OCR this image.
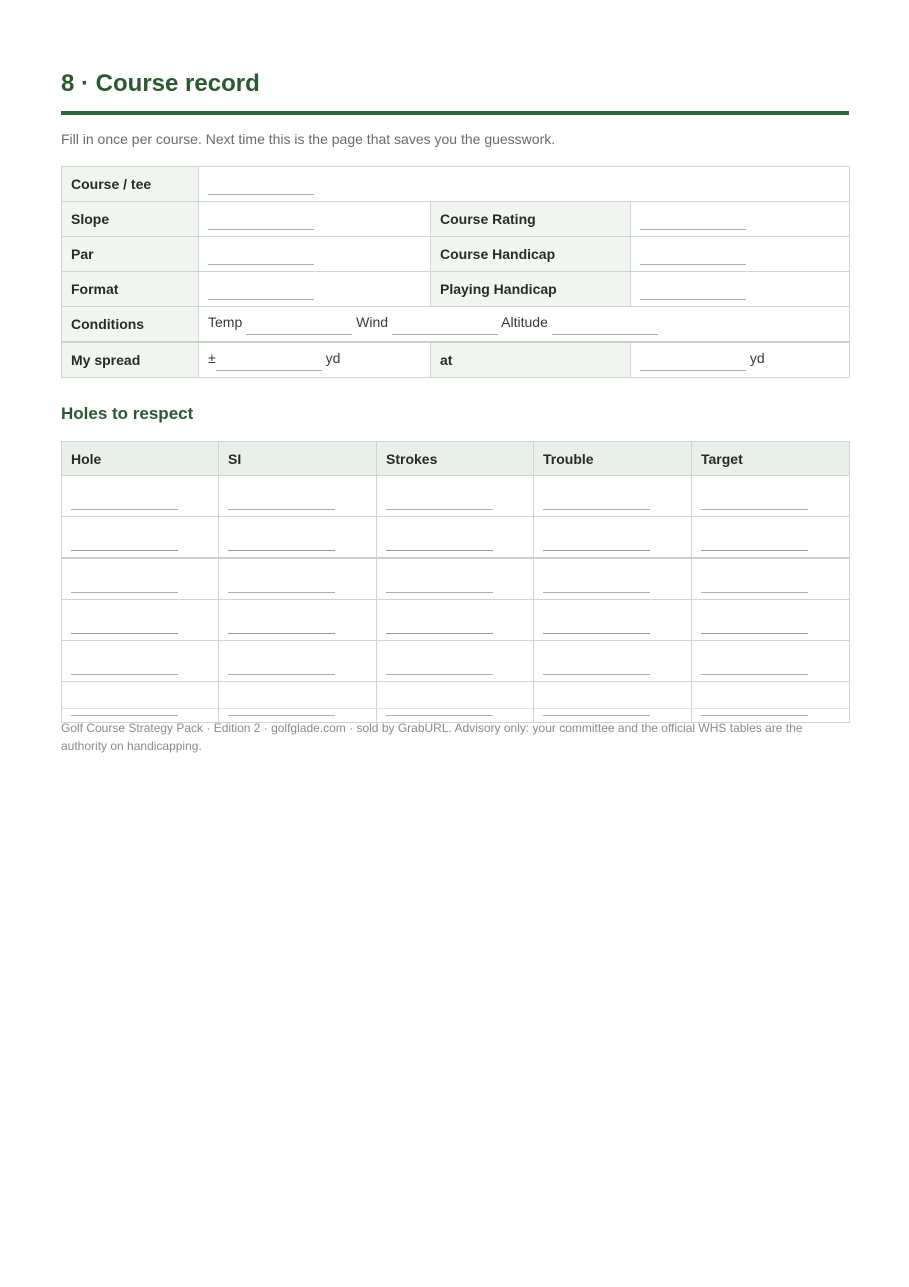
8 · Course record

Fill in once per course. Next time this is the page that saves you the guesswork.

Course / tee			
Slope		Course Rating	
Par		Course Handicap	
Format		Playing Handicap	
Conditions	Temp Wind Altitude		
My spread	± yd	at	yd
Holes to respect
Hole	SI	Strokes	Trouble	Target

Golf Course Strategy Pack · Edition 2 · golfglade.com · sold by GrabURL. Advisory only: your committee and the official WHS tables are the authority on handicapping.
